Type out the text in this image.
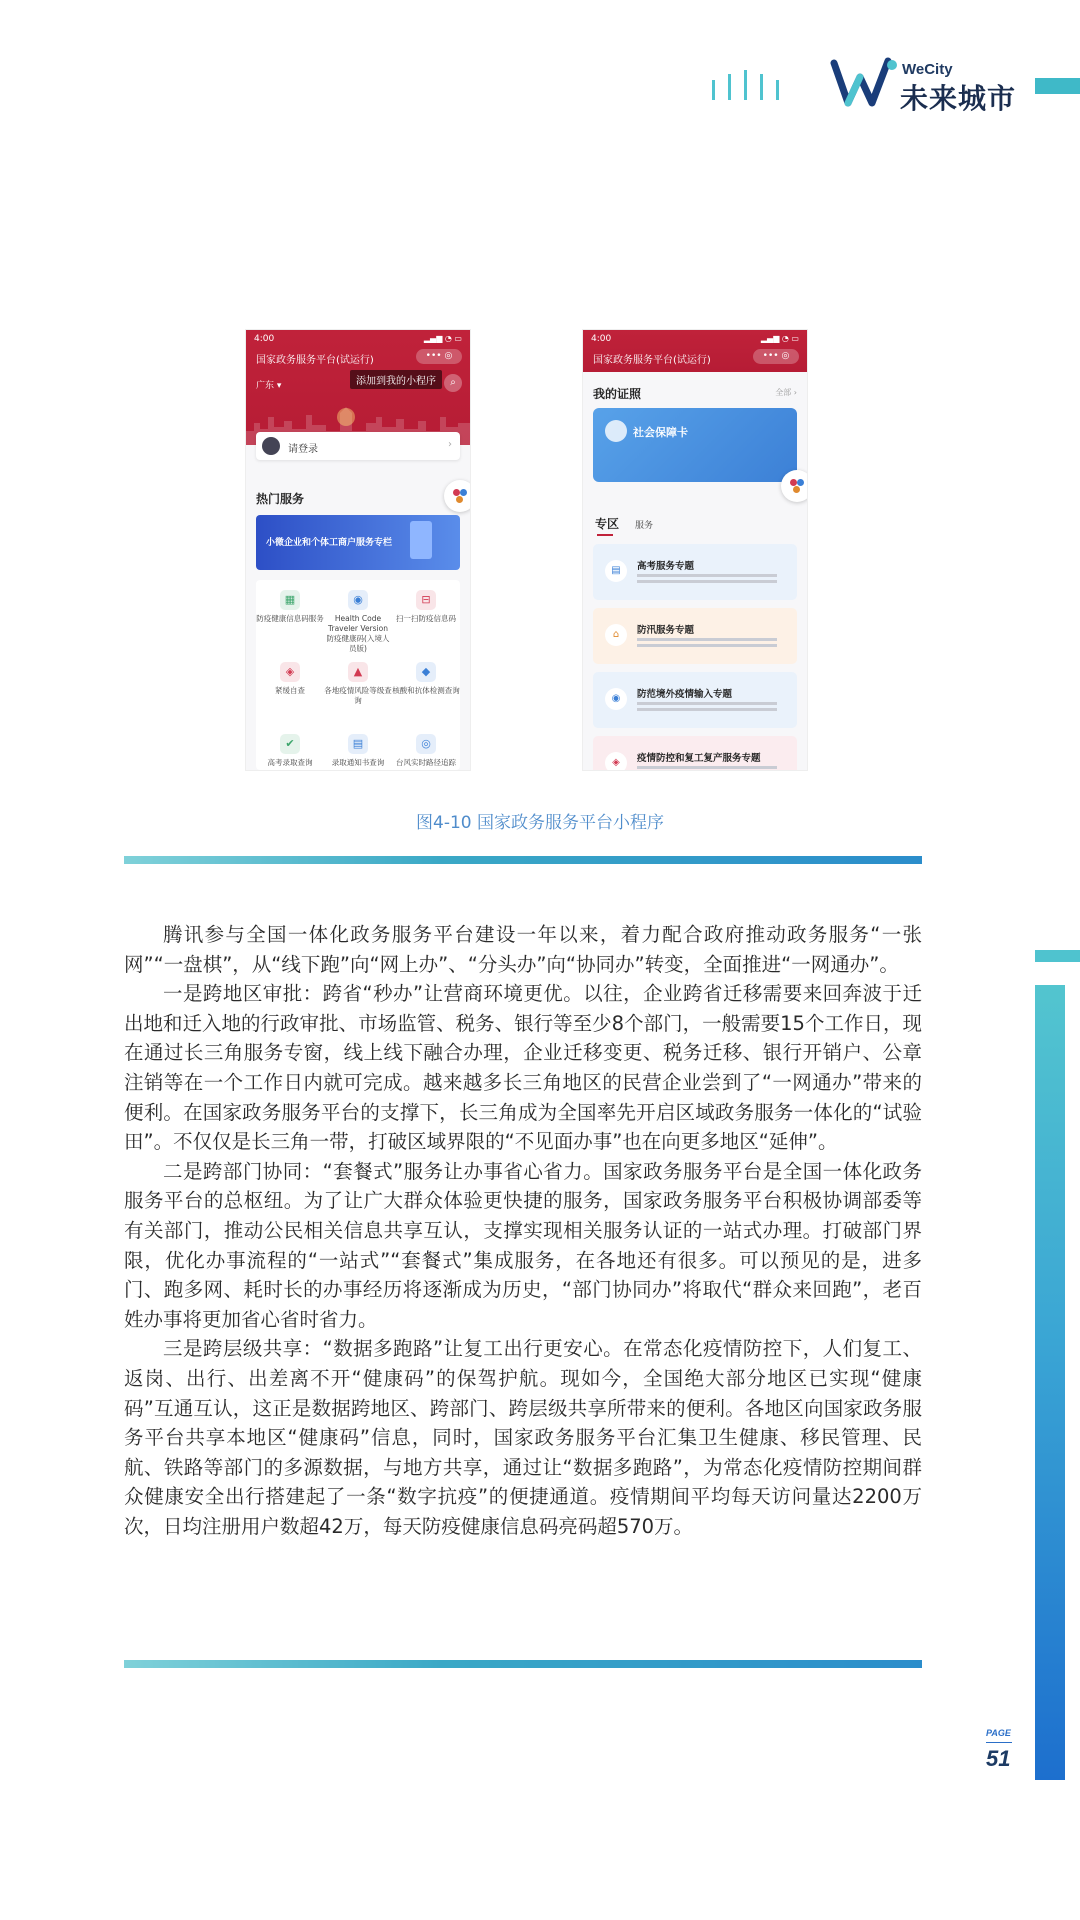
WeCity
未来城市
4:00	▂▄▆ ◔ ▭
国家政务服务平台(试运行)	••• ◎
广东 ▾	添加到我的小程序	⌕
请登录	›
热门服务
小微企业和个体工商户服务专栏
▦
防疫健康信息码服务
◉
Health Code Traveler Version 防疫健康码(入境人员版)
⊟
扫一扫防疫信息码
◈
紧缓自查
▲
各地疫情风险等级查询
◆
核酸和抗体检测查询
✔
高考录取查询
▤
录取通知书查询
◎
台风实时路径追踪
4:00	▂▄▆ ◔ ▭
国家政务服务平台(试运行)	••• ◎
我的证照	全部 ›
社会保障卡
专区 服务
▤	高考服务专题
⌂	防汛服务专题
◉	防范境外疫情输入专题
◈	疫情防控和复工复产服务专题
图4-10 国家政务服务平台小程序

腾讯参与全国一体化政务服务平台建设一年以来，着力配合政府推动政务服务“一张网”“一盘棋”，从“线下跑”向“网上办”、“分头办”向“协同办”转变，全面推进“一网通办”。

一是跨地区审批：跨省“秒办”让营商环境更优。以往，企业跨省迁移需要来回奔波于迁出地和迁入地的行政审批、市场监管、税务、银行等至少8个部门，一般需要15个工作日，现在通过长三角服务专窗，线上线下融合办理，企业迁移变更、税务迁移、银行开销户、公章注销等在一个工作日内就可完成。越来越多长三角地区的民营企业尝到了“一网通办”带来的便利。在国家政务服务平台的支撑下，长三角成为全国率先开启区域政务服务一体化的“试验田”。不仅仅是长三角一带，打破区域界限的“不见面办事”也在向更多地区“延伸”。

二是跨部门协同：“套餐式”服务让办事省心省力。国家政务服务平台是全国一体化政务服务平台的总枢纽。为了让广大群众体验更快捷的服务，国家政务服务平台积极协调部委等有关部门，推动公民相关信息共享互认，支撑实现相关服务认证的一站式办理。打破部门界限，优化办事流程的“一站式”“套餐式”集成服务，在各地还有很多。可以预见的是，进多门、跑多网、耗时长的办事经历将逐渐成为历史，“部门协同办”将取代“群众来回跑”，老百姓办事将更加省心省时省力。

三是跨层级共享：“数据多跑路”让复工出行更安心。在常态化疫情防控下，人们复工、返岗、出行、出差离不开“健康码”的保驾护航。现如今，全国绝大部分地区已实现“健康码”互通互认，这正是数据跨地区、跨部门、跨层级共享所带来的便利。各地区向国家政务服务平台共享本地区“健康码”信息，同时，国家政务服务平台汇集卫生健康、移民管理、民航、铁路等部门的多源数据，与地方共享，通过让“数据多跑路”，为常态化疫情防控期间群众健康安全出行搭建起了一条“数字抗疫”的便捷通道。疫情期间平均每天访问量达2200万次，日均注册用户数超42万，每天防疫健康信息码亮码超570万。

PAGE
51
